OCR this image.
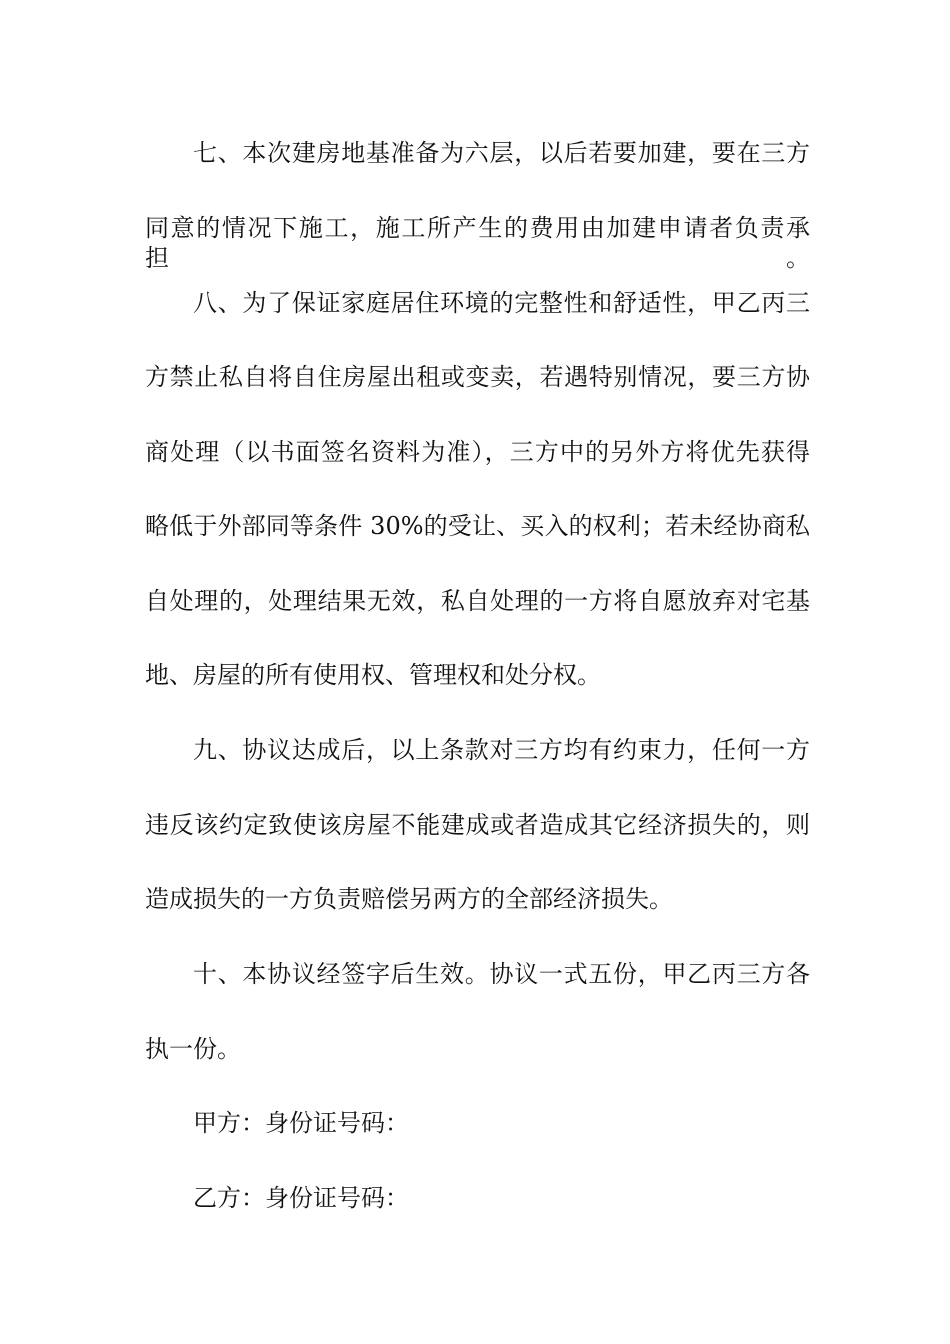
七、本次建房地基准备为六层，以后若要加建，要在三方
同意的情况下施工，施工所产生的费用由加建申请者负责承担。
八、为了保证家庭居住环境的完整性和舒适性，甲乙丙三
方禁止私自将自住房屋出租或变卖，若遇特别情况，要三方协
商处理（以书面签名资料为准），三方中的另外方将优先获得
略低于外部同等条件 30%的受让、买入的权利；若未经协商私
自处理的，处理结果无效，私自处理的一方将自愿放弃对宅基
地、房屋的所有使用权、管理权和处分权。
九、协议达成后，以上条款对三方均有约束力，任何一方
违反该约定致使该房屋不能建成或者造成其它经济损失的，则
造成损失的一方负责赔偿另两方的全部经济损失。
十、本协议经签字后生效。协议一式五份，甲乙丙三方各
执一份。
甲方：身份证号码：
乙方：身份证号码：
